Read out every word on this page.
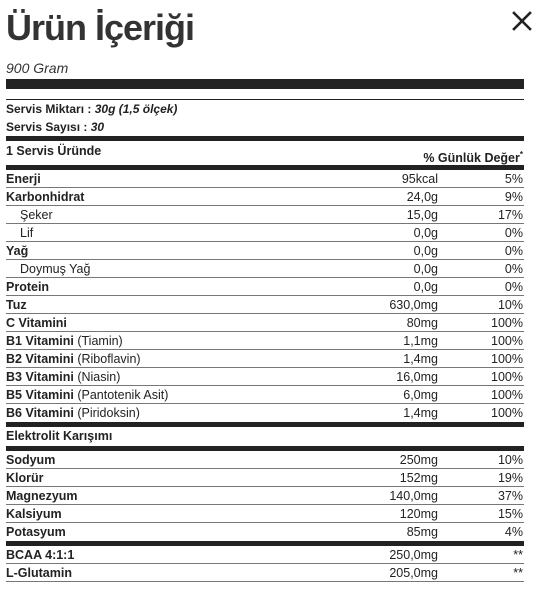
Ürün İçeriği
900 Gram
Servis Miktarı : 30g (1,5 ölçek)
Servis Sayısı : 30
1 Servis Üründe
% Günlük Değer*
Enerji	95kcal	5%
Karbonhidrat	24,0g	9%
Şeker	15,0g	17%
Lif	0,0g	0%
Yağ	0,0g	0%
Doymuş Yağ	0,0g	0%
Protein	0,0g	0%
Tuz	630,0mg	10%
C Vitamini	80mg	100%
B1 Vitamini (Tiamin)	1,1mg	100%
B2 Vitamini (Riboflavin)	1,4mg	100%
B3 Vitamini (Niasin)	16,0mg	100%
B5 Vitamini (Pantotenik Asit)	6,0mg	100%
B6 Vitamini (Piridoksin)	1,4mg	100%
Elektrolit Karışımı
Sodyum	250mg	10%
Klorür	152mg	19%
Magnezyum	140,0mg	37%
Kalsiyum	120mg	15%
Potasyum	85mg	4%
BCAA 4:1:1	250,0mg	**
L-Glutamin	205,0mg	**
